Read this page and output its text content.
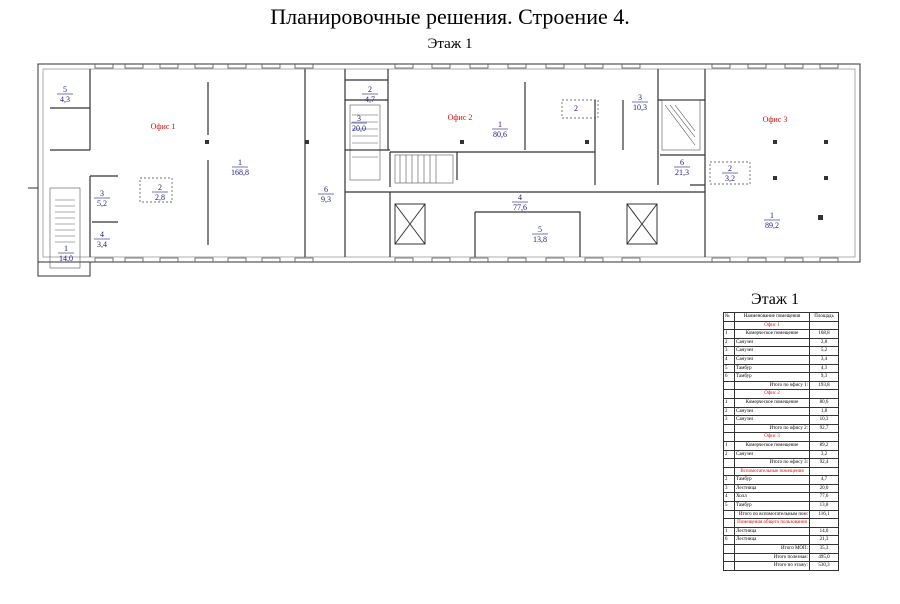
Планировочные решения. Строение 4.
Этаж 1
Офис 1
Офис 2	Офис 3
5
4,3
1
168,8
2
2,8
3
5,2
4
3,4
1
14,0
2
4,7
3
20,0
6
9,3
1
80,6
2
3
10,3
4
77,6
5
13,8
6
21,3	2
3,2
1
89,2
Этаж 1
№	Наименование помещения	Площадь
	Офис 1	
1	Комерческое помещение	168,8
2	Санузел	2,8
3	Санузел	5,2
4	Санузел	3,4
5	Тамбур	4,3
6	Тамбур	9,3
	Итого по офису 1:	193,8
	Офис 2	
1	Комерческое помещение	80,6
2	Санузел	1,8
3	Санузел	10,3
	Итого по офису 2:	92,7
	Офис 3	
1	Комерческое помещение	89,2
2	Санузел	3,2
	Итого по офису 3:	92,4
	Вспомогательные помещения	
2	Тамбур	4,7
3	Лестница	20,0
4	Холл	77,6
5	Тамбур	13,8
	Итого по вспомогательным пом:	116,1
	Помещения общего пользования	
1	Лестница	14,0
6	Лестница	21,3
	Итого МОП:	35,3
	Итого полезная:	495,0
	Итого по этажу:	530,3
